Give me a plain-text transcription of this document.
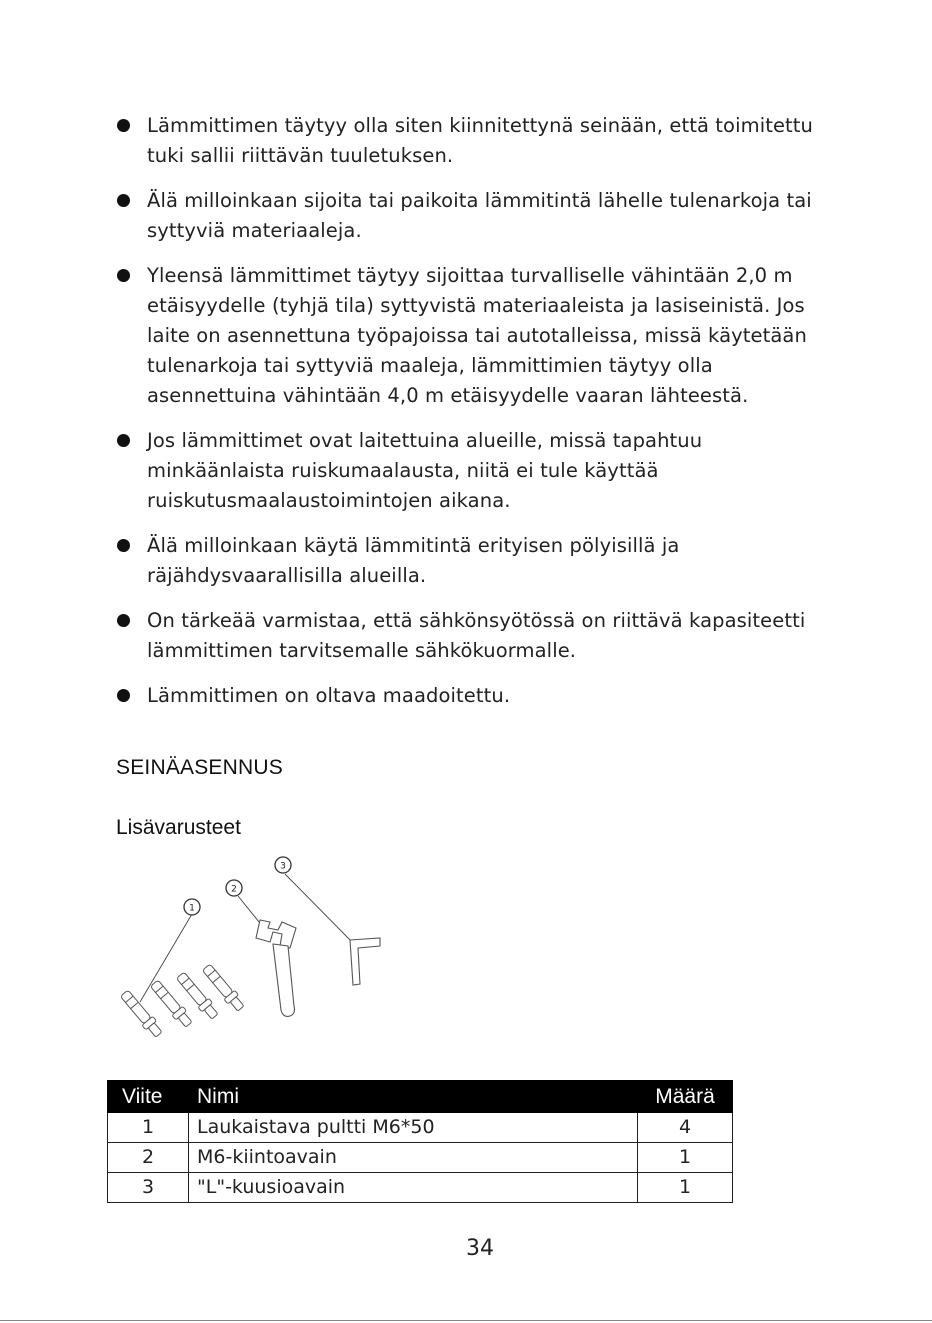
Lämmittimen täytyy olla siten kiinnitettynä seinään, että toimitettu tuki sallii riittävän tuuletuksen.
Älä milloinkaan sijoita tai paikoita lämmitintä lähelle tulenarkoja tai syttyviä materiaaleja.
Yleensä lämmittimet täytyy sijoittaa turvalliselle vähintään 2,0 m etäisyydelle (tyhjä tila) syttyvistä materiaaleista ja lasiseinistä. Jos laite on asennettuna työpajoissa tai autotalleissa, missä käytetään tulenarkoja tai syttyviä maaleja, lämmittimien täytyy olla asennettuina vähintään 4,0 m etäisyydelle vaaran lähteestä.
Jos lämmittimet ovat laitettuina alueille, missä tapahtuu minkäänlaista ruiskumaalausta, niitä ei tule käyttää ruiskutusmaalaustoimintojen aikana.
Älä milloinkaan käytä lämmitintä erityisen pölyisillä ja räjähdysvaarallisilla alueilla.
On tärkeää varmistaa, että sähkönsyötössä on riittävä kapasiteetti lämmittimen tarvitsemalle sähkökuormalle.
Lämmittimen on oltava maadoitettu.
SEINÄASENNUS
Lisävarusteet
1
2
3
Viite	Nimi	Määrä
1	Laukaistava pultti M6*50	4
2	M6-kiintoavain	1
3	"L"-kuusioavain	1
34
